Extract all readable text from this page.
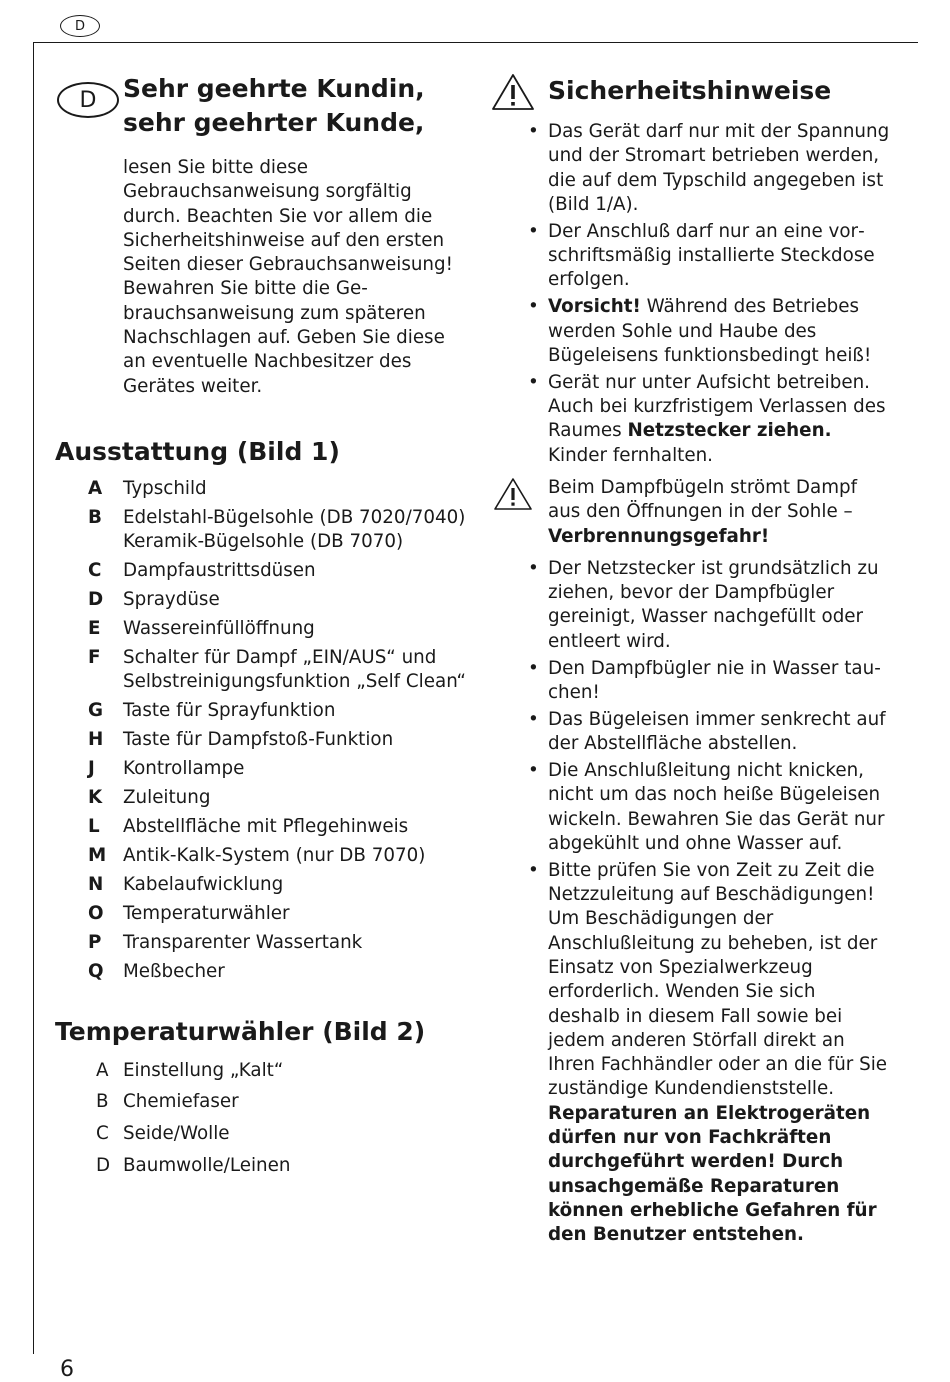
D
D	Sehr geehrte Kundin,
sehr geehrter Kunde,

lesen Sie bitte diese Gebrauchsanweisung sorgfältig durch. Beachten Sie vor allem die Sicherheitshinweise auf den ersten Seiten dieser Gebrauchsanweisung! Bewahren Sie bitte die Gebrauchsanweisung zum späteren Nachschlagen auf. Geben Sie diese an eventuelle Nachbesitzer des Gerätes weiter.

Ausstattung (Bild 1)
A	Typschild
B	Edelstahl-Bügelsohle (DB 7020/7040) Keramik-Bügelsohle (DB 7070)
C	Dampfaustrittsdüsen
D	Spraydüse
E	Wassereinfüllöffnung
F	Schalter für Dampf „EIN/AUS“ und Selbstreinigungsfunktion „Self Clean“
G	Taste für Sprayfunktion
H	Taste für Dampfstoß-Funktion
J	Kontrollampe
K	Zuleitung
L	Abstellfläche mit Pflegehinweis
M Antik-Kalk-System (nur DB 7070)
N	Kabelaufwicklung
O	Temperaturwähler
P	Transparenter Wassertank
Q	Meßbecher
Temperaturwähler (Bild 2)
A Einstellung „Kalt“
B Chemiefaser
C Seide/Wolle
D Baumwolle/Leinen
Sicherheitshinweise
• Das Gerät darf nur mit der Spannung und der Stromart betrieben werden, die auf dem Typschild angegeben ist (Bild 1/A).
• Der Anschluß darf nur an eine vorschriftsmäßig installierte Steckdose erfolgen.
• Vorsicht! Während des Betriebes werden Sohle und Haube des Bügeleisens funktionsbedingt heiß!
• Gerät nur unter Aufsicht betreiben. Auch bei kurzfristigem Verlassen des Raumes Netzstecker ziehen. Kinder fernhalten.
Beim Dampfbügeln strömt Dampf aus den Öffnungen in der Sohle – Verbrennungsgefahr!
• Der Netzstecker ist grundsätzlich zu ziehen, bevor der Dampfbügler gereinigt, Wasser nachgefüllt oder entleert wird.
• Den Dampfbügler nie in Wasser tauchen!
• Das Bügeleisen immer senkrecht auf der Abstellfläche abstellen.
• Die Anschlußleitung nicht knicken, nicht um das noch heiße Bügeleisen wickeln. Bewahren Sie das Gerät nur abgekühlt und ohne Wasser auf.
• Bitte prüfen Sie von Zeit zu Zeit die Netzzuleitung auf Beschädigungen! Um Beschädigungen der Anschlußleitung zu beheben, ist der Einsatz von Spezialwerkzeug erforderlich. Wenden Sie sich deshalb in diesem Fall sowie bei jedem anderen Störfall direkt an Ihren Fachhändler oder an die für Sie zuständige Kundendienststelle. Reparaturen an Elektrogeräten dürfen nur von Fachkräften durchgeführt werden! Durch unsachgemäße Reparaturen können erhebliche Gefahren für den Benutzer entstehen.
6
